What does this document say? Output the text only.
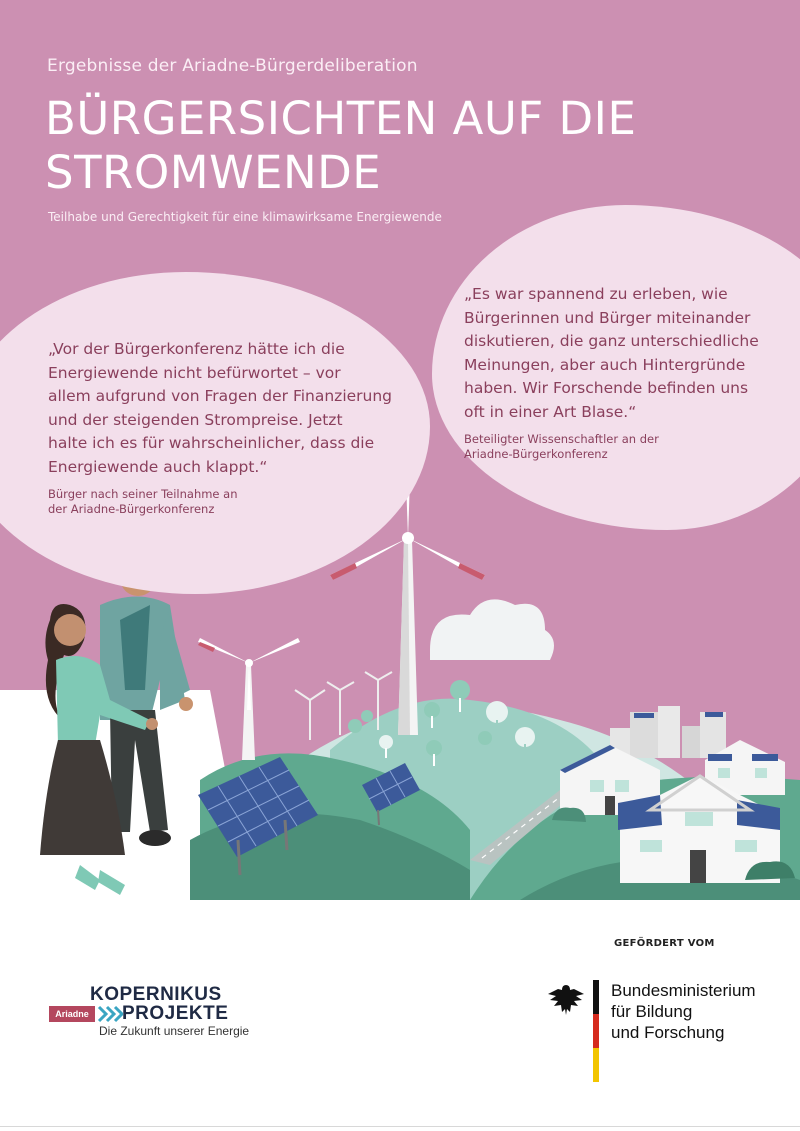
Ergebnisse der Ariadne-Bürgerdeliberation
BÜRGERSICHTEN AUF DIE
STROMWENDE
Teilhabe und Gerechtigkeit für eine klimawirksame Energiewende
„Vor der Bürgerkonferenz hätte ich die
Energiewende nicht befürwortet – vor
allem aufgrund von Fragen der Finanzierung
und der steigenden Strompreise. Jetzt
halte ich es für wahrscheinlicher, dass die
Energiewende auch klappt.“
Bürger nach seiner Teilnahme an
der Ariadne-Bürgerkonferenz
„Es war spannend zu erleben, wie
Bürgerinnen und Bürger miteinander
diskutieren, die ganz unterschiedliche
Meinungen, aber auch Hintergründe
haben. Wir Forschende befinden uns
oft in einer Art Blase.“
Beteiligter Wissenschaftler an der
Ariadne-Bürgerkonferenz
KOPERNIKUS
Ariadne	PROJEKTE
Die Zukunft unserer Energie
GEFÖRDERT VOM
Bundesministerium
für Bildung
und Forschung
